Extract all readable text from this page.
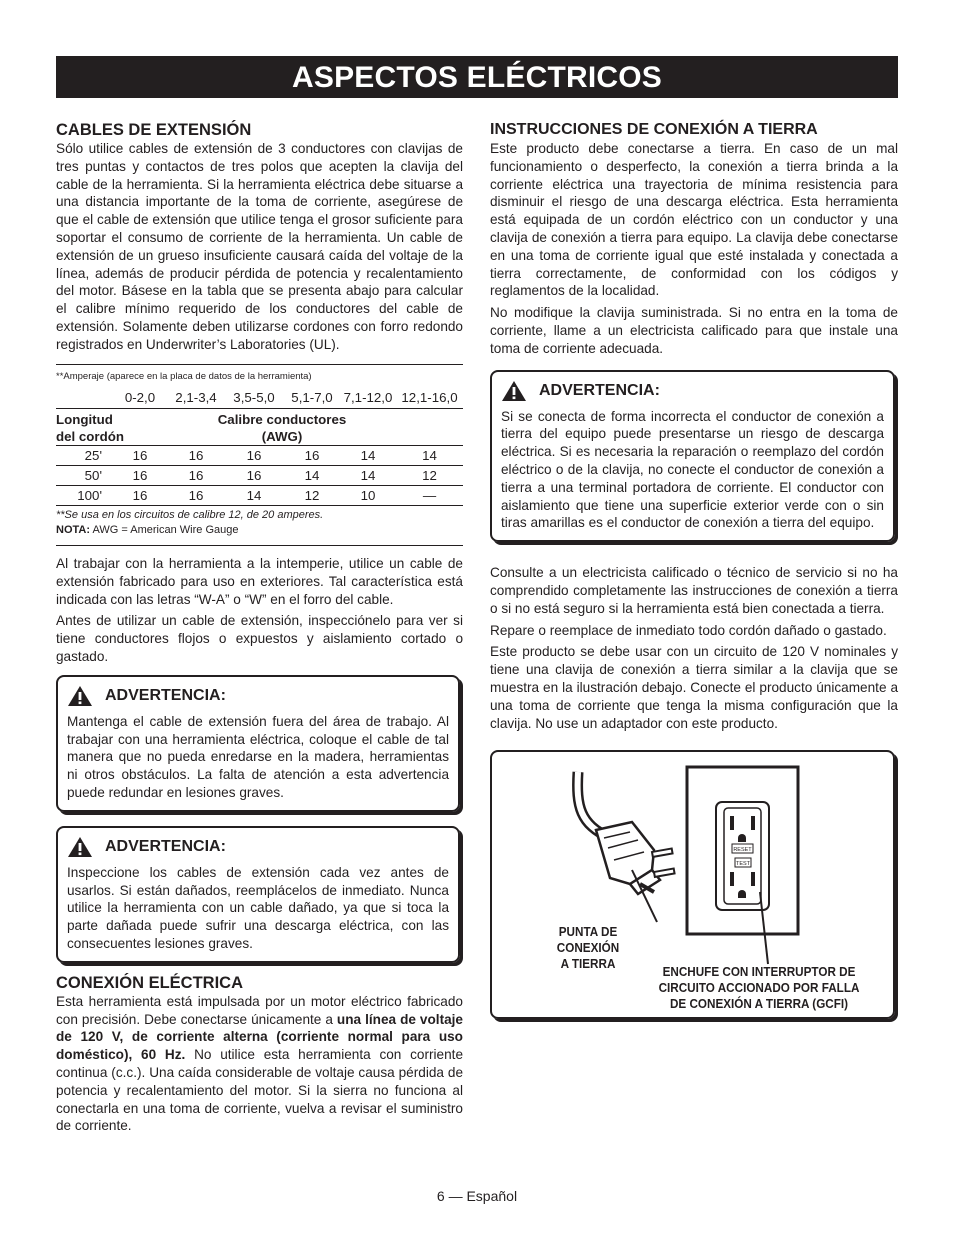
ASPECTOS ELÉCTRICOS
CABLES DE EXTENSIÓN

Sólo utilice cables de extensión de 3 conductores con clavijas de tres puntas y contactos de tres polos que acepten la clavija del cable de la herramienta. Si la herramienta eléctrica debe situarse a una distancia importante de la toma de corriente, asegúrese de que el cable de extensión que utilice tenga el grosor suficiente para soportar el consumo de corriente de la herramienta. Un cable de extensión de un grueso insuficiente causará caída del voltaje de la línea, además de producir pérdida de potencia y recalentamiento del motor. Básese en la tabla que se presenta abajo para calcular el calibre mínimo requerido de los conductores del cable de extensión. Solamente deben utilizarse cordones con forro redondo registrados en Underwriter’s Laboratories (UL).

**Amperaje (aparece en la placa de datos de la herramienta)
	0-2,0	2,1-3,4	3,5-5,0	5,1-7,0	7,1-12,0	12,1-16,0
Longitud
del cordón		Calibre conductores
(AWG)				
25'	16	16	16	16	14	14
50'	16	16	16	14	14	12
100'	16	16	14	12	10	—
**Se usa en los circuitos de calibre 12, de 20 amperes.
NOTA: AWG = American Wire Gauge

Al trabajar con la herramienta a la intemperie, utilice un cable de extensión fabricado para uso en exteriores. Tal característica está indicada con las letras “W-A” o “W” en el forro del cable.

Antes de utilizar un cable de extensión, inspecciónelo para ver si tiene conductores flojos o expuestos y aislamiento cortado o gastado.

ADVERTENCIA:

Mantenga el cable de extensión fuera del área de trabajo. Al trabajar con una herramienta eléctrica, coloque el cable de tal manera que no pueda enredarse en la madera, herramientas ni otros obstáculos. La falta de atención a esta advertencia puede redundar en lesiones graves.

ADVERTENCIA:

Inspeccione los cables de extensión cada vez antes de usarlos. Si están dañados, reemplácelos de inmediato. Nunca utilice la herramienta con un cable dañado, ya que si toca la parte dañada puede sufrir una descarga eléctrica, con las consecuentes lesiones graves.

CONEXIÓN ELÉCTRICA

Esta herramienta está impulsada por un motor eléctrico fabricado con precisión. Debe conectarse únicamente a una línea de voltaje de 120 V, de corriente alterna (corriente normal para uso doméstico), 60 Hz. No utilice esta herramienta con corriente continua (c.c.). Una caída considerable de voltaje causa pérdida de potencia y recalentamiento del motor. Si la sierra no funciona al conectarla en una toma de corriente, vuelva a revisar el suministro de corriente.

INSTRUCCIONES DE CONEXIÓN A TIERRA

Este producto debe conectarse a tierra. En caso de un mal funcionamiento o desperfecto, la conexión a tierra brinda a la corriente eléctrica una trayectoria de mínima resistencia para disminuir el riesgo de una descarga eléctrica. Esta herramienta está equipada de un cordón eléctrico con un conductor y una clavija de conexión a tierra para equipo. La clavija debe conectarse en una toma de corriente igual que esté instalada y conectada a tierra correctamente, de conformidad con los códigos y reglamentos de la localidad.

No modifique la clavija suministrada. Si no entra en la toma de corriente, llame a un electricista calificado para que instale una toma de corriente adecuada.

ADVERTENCIA:

Si se conecta de forma incorrecta el conductor de conexión a tierra del equipo puede presentarse un riesgo de descarga eléctrica. Si es necesaria la reparación o reemplazo del cordón eléctrico o de la clavija, no conecte el conductor de conexión a tierra a una terminal portadora de corriente. El conductor con aislamiento que tiene una superficie exterior verde con o sin tiras amarillas es el conductor de conexión a tierra del equipo.

Consulte a un electricista calificado o técnico de servicio si no ha comprendido completamente las instrucciones de conexión a tierra o si no está seguro si la herramienta está bien conectada a tierra.

Repare o reemplace de inmediato todo cordón dañado o gastado.

Este producto se debe usar con un circuito de 120 V nominales y tiene una clavija de conexión a tierra similar a la clavija que se muestra en la ilustración debajo. Conecte el producto únicamente a una toma de corriente que tenga la misma configuración que la clavija. No use un adaptador con este producto.

RESET
TEST
PUNTA DE
CONEXIÓN
A TIERRA
ENCHUFE CON INTERRUPTOR DE
CIRCUITO ACCIONADO POR FALLA
DE CONEXIÓN A TIERRA (GCFI)
6 — Español
